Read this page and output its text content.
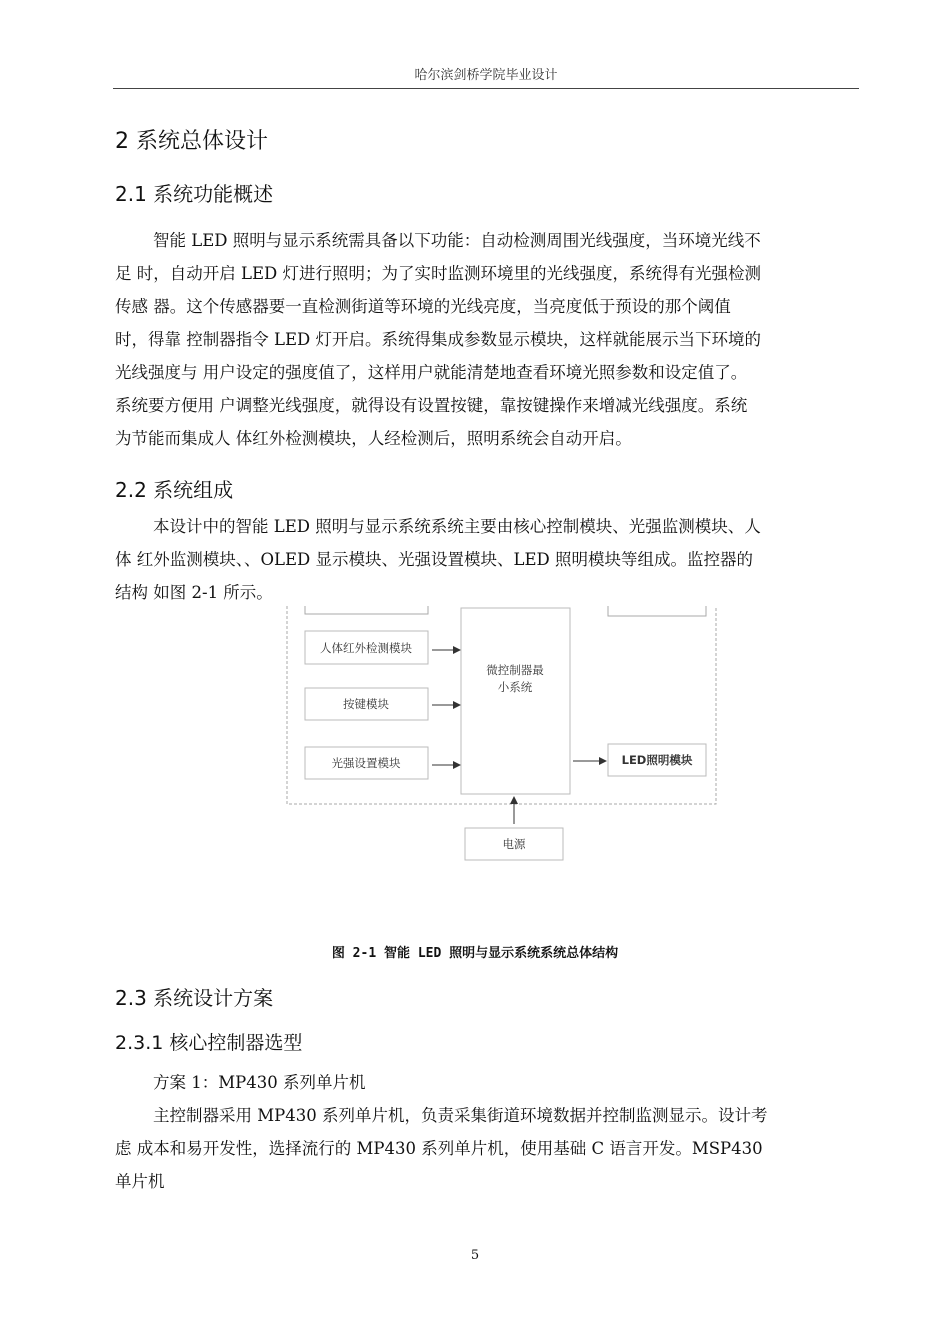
哈尔滨剑桥学院毕业设计
2 系统总体设计
2.1 系统功能概述

智能 LED 照明与显示系统需具备以下功能：自动检测周围光线强度，当环境光线不
足 时，自动开启 LED 灯进行照明；为了实时监测环境里的光线强度，系统得有光强检测
传感 器。这个传感器要一直检测街道等环境的光线亮度，当亮度低于预设的那个阈值
时，得靠 控制器指令 LED 灯开启。系统得集成参数显示模块，这样就能展示当下环境的
光线强度与 用户设定的强度值了，这样用户就能清楚地查看环境光照参数和设定值了。
系统要方便用 户调整光线强度，就得设有设置按键，靠按键操作来增减光线强度。系统
为节能而集成人 体红外检测模块，人经检测后，照明系统会自动开启。

2.2 系统组成

本设计中的智能 LED 照明与显示系统系统主要由核心控制模块、光强监测模块、人
体 红外监测模块、、OLED 显示模块、光强设置模块、LED 照明模块等组成。监控器的
结构 如图 2-1 所示。

微控制器最
小系统
人体红外检测模块
按键模块
光强设置模块	LED照明模块
电源
图 2-1 智能 LED 照明与显示系统系统总体结构
2.3 系统设计方案
2.3.1 核心控制器选型

方案 1：MP430 系列单片机
主控制器采用 MP430 系列单片机，负责采集街道环境数据并控制监测显示。设计考
虑 成本和易开发性，选择流行的 MP430 系列单片机，使用基础 C 语言开发。MSP430
单片机

5
